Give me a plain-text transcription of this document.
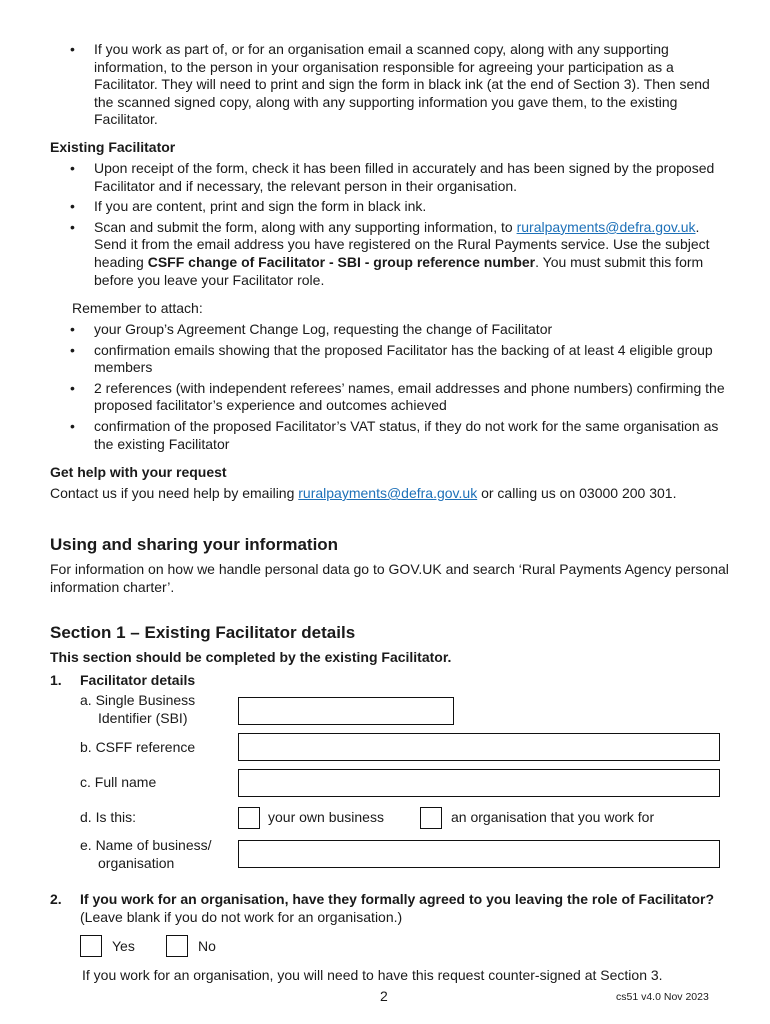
• If you work as part of, or for an organisation email a scanned copy, along with any supporting information, to the person in your organisation responsible for agreeing your participation as a Facilitator. They will need to print and sign the form in black ink (at the end of Section 3). Then send the scanned signed copy, along with any supporting information you gave them, to the existing Facilitator.
Existing Facilitator
• Upon receipt of the form, check it has been filled in accurately and has been signed by the proposed Facilitator and if necessary, the relevant person in their organisation.
• If you are content, print and sign the form in black ink.
• Scan and submit the form, along with any supporting information, to ruralpayments@defra.gov.uk. Send it from the email address you have registered on the Rural Payments service. Use the subject heading CSFF change of Facilitator - SBI - group reference number. You must submit this form before you leave your Facilitator role.
Remember to attach:
• your Group’s Agreement Change Log, requesting the change of Facilitator
• confirmation emails showing that the proposed Facilitator has the backing of at least 4 eligible group members
• 2 references (with independent referees’ names, email addresses and phone numbers) confirming the proposed facilitator’s experience and outcomes achieved
• confirmation of the proposed Facilitator’s VAT status, if they do not work for the same organisation as the existing Facilitator
Get help with your request
Contact us if you need help by emailing ruralpayments@defra.gov.uk or calling us on 03000 200 301.
Using and sharing your information
For information on how we handle personal data go to GOV.UK and search ‘Rural Payments Agency personal information charter’.
Section 1 – Existing Facilitator details
This section should be completed by the existing Facilitator.
1. Facilitator details
a. Single Business
Identifier (SBI)
b. CSFF reference
c. Full name
d. Is this:	your own business	an organisation that you work for
e. Name of business/
organisation
2. If you work for an organisation, have they formally agreed to you leaving the role of Facilitator? (Leave blank if you do not work for an organisation.)
Yes	No
If you work for an organisation, you will need to have this request counter-signed at Section 3.
2	cs51 v4.0 Nov 2023
